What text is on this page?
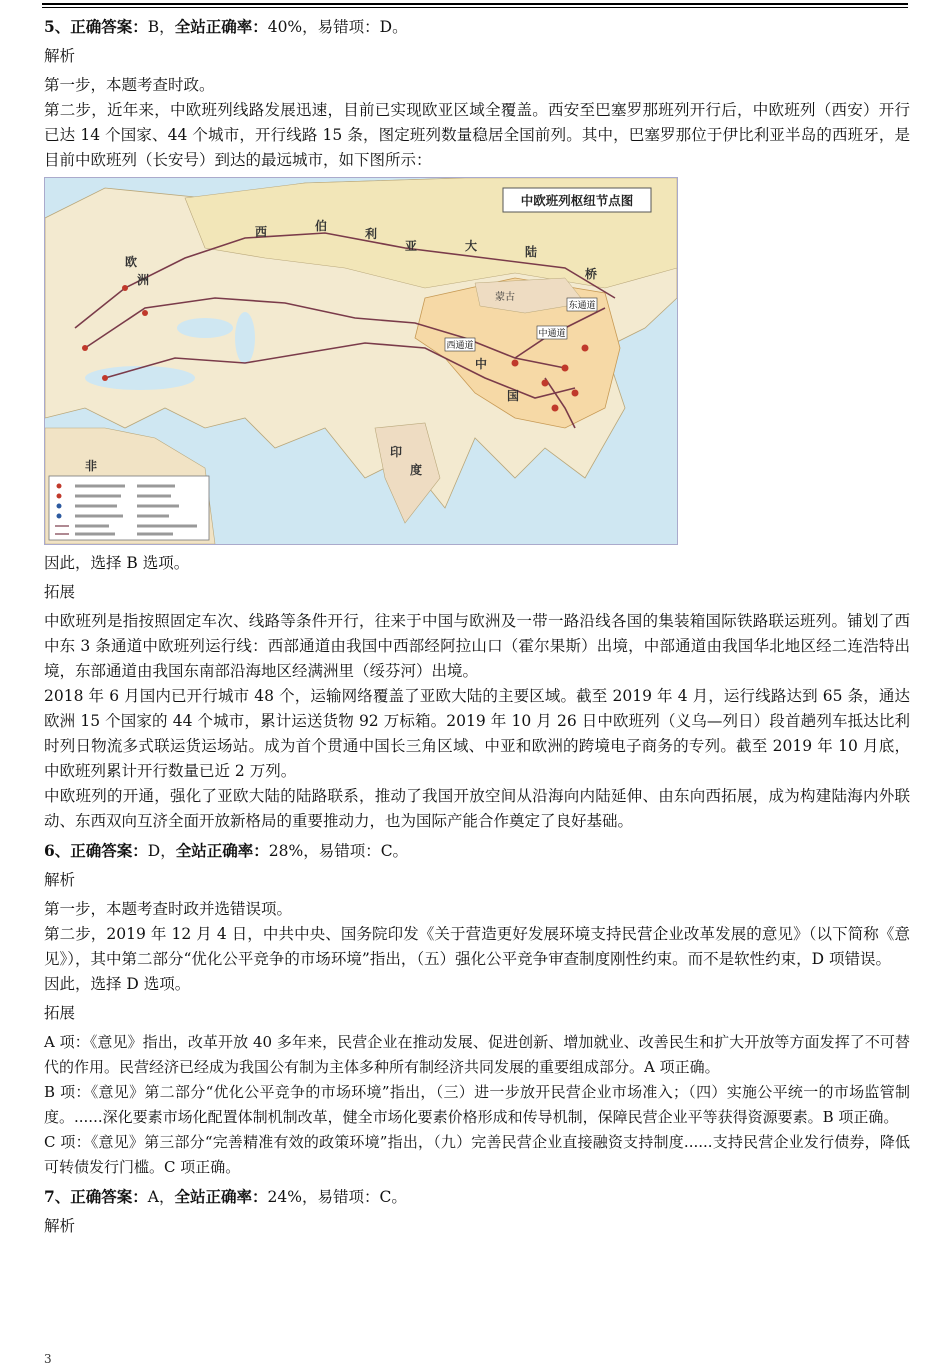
5、正确答案：B，全站正确率：40%，易错项：D。

解析

第一步，本题考查时政。

第二步，近年来，中欧班列线路发展迅速，目前已实现欧亚区域全覆盖。西安至巴塞罗那班列开行后，中欧班列（西安）开行已达 14 个国家、44 个城市，开行线路 15 条，图定班列数量稳居全国前列。其中，巴塞罗那位于伊比利亚半岛的西班牙，是目前中欧班列（长安号）到达的最远城市，如下图所示：

中欧班列枢纽节点图
西	伯
利
亚	大	陆
桥
欧
洲
中
国
印
度
非
蒙古
西通道
中通道
东通道

因此，选择 B 选项。

拓展

中欧班列是指按照固定车次、线路等条件开行，往来于中国与欧洲及一带一路沿线各国的集装箱国际铁路联运班列。铺划了西中东 3 条通道中欧班列运行线：西部通道由我国中西部经阿拉山口（霍尔果斯）出境，中部通道由我国华北地区经二连浩特出境，东部通道由我国东南部沿海地区经满洲里（绥芬河）出境。

2018 年 6 月国内已开行城市 48 个，运输网络覆盖了亚欧大陆的主要区域。截至 2019 年 4 月，运行线路达到 65 条，通达欧洲 15 个国家的 44 个城市，累计运送货物 92 万标箱。2019 年 10 月 26 日中欧班列（义乌—列日）段首趟列车抵达比利时列日物流多式联运货运场站。成为首个贯通中国长三角区域、中亚和欧洲的跨境电子商务的专列。截至 2019 年 10 月底，中欧班列累计开行数量已近 2 万列。

中欧班列的开通，强化了亚欧大陆的陆路联系，推动了我国开放空间从沿海向内陆延伸、由东向西拓展，成为构建陆海内外联动、东西双向互济全面开放新格局的重要推动力，也为国际产能合作奠定了良好基础。

6、正确答案：D，全站正确率：28%，易错项：C。

解析

第一步，本题考查时政并选错误项。

第二步，2019 年 12 月 4 日，中共中央、国务院印发《关于营造更好发展环境支持民营企业改革发展的意见》（以下简称《意见》），其中第二部分“优化公平竞争的市场环境”指出，（五）强化公平竞争审查制度刚性约束。而不是软性约束，D 项错误。

因此，选择 D 选项。

拓展

A 项：《意见》指出，改革开放 40 多年来，民营企业在推动发展、促进创新、增加就业、改善民生和扩大开放等方面发挥了不可替代的作用。民营经济已经成为我国公有制为主体多种所有制经济共同发展的重要组成部分。A 项正确。

B 项：《意见》第二部分“优化公平竞争的市场环境”指出，（三）进一步放开民营企业市场准入；（四）实施公平统一的市场监管制度。......深化要素市场化配置体制机制改革，健全市场化要素价格形成和传导机制，保障民营企业平等获得资源要素。B 项正确。

C 项：《意见》第三部分“完善精准有效的政策环境”指出，（九）完善民营企业直接融资支持制度......支持民营企业发行债券，降低可转债发行门槛。C 项正确。

7、正确答案：A，全站正确率：24%，易错项：C。

解析

3
